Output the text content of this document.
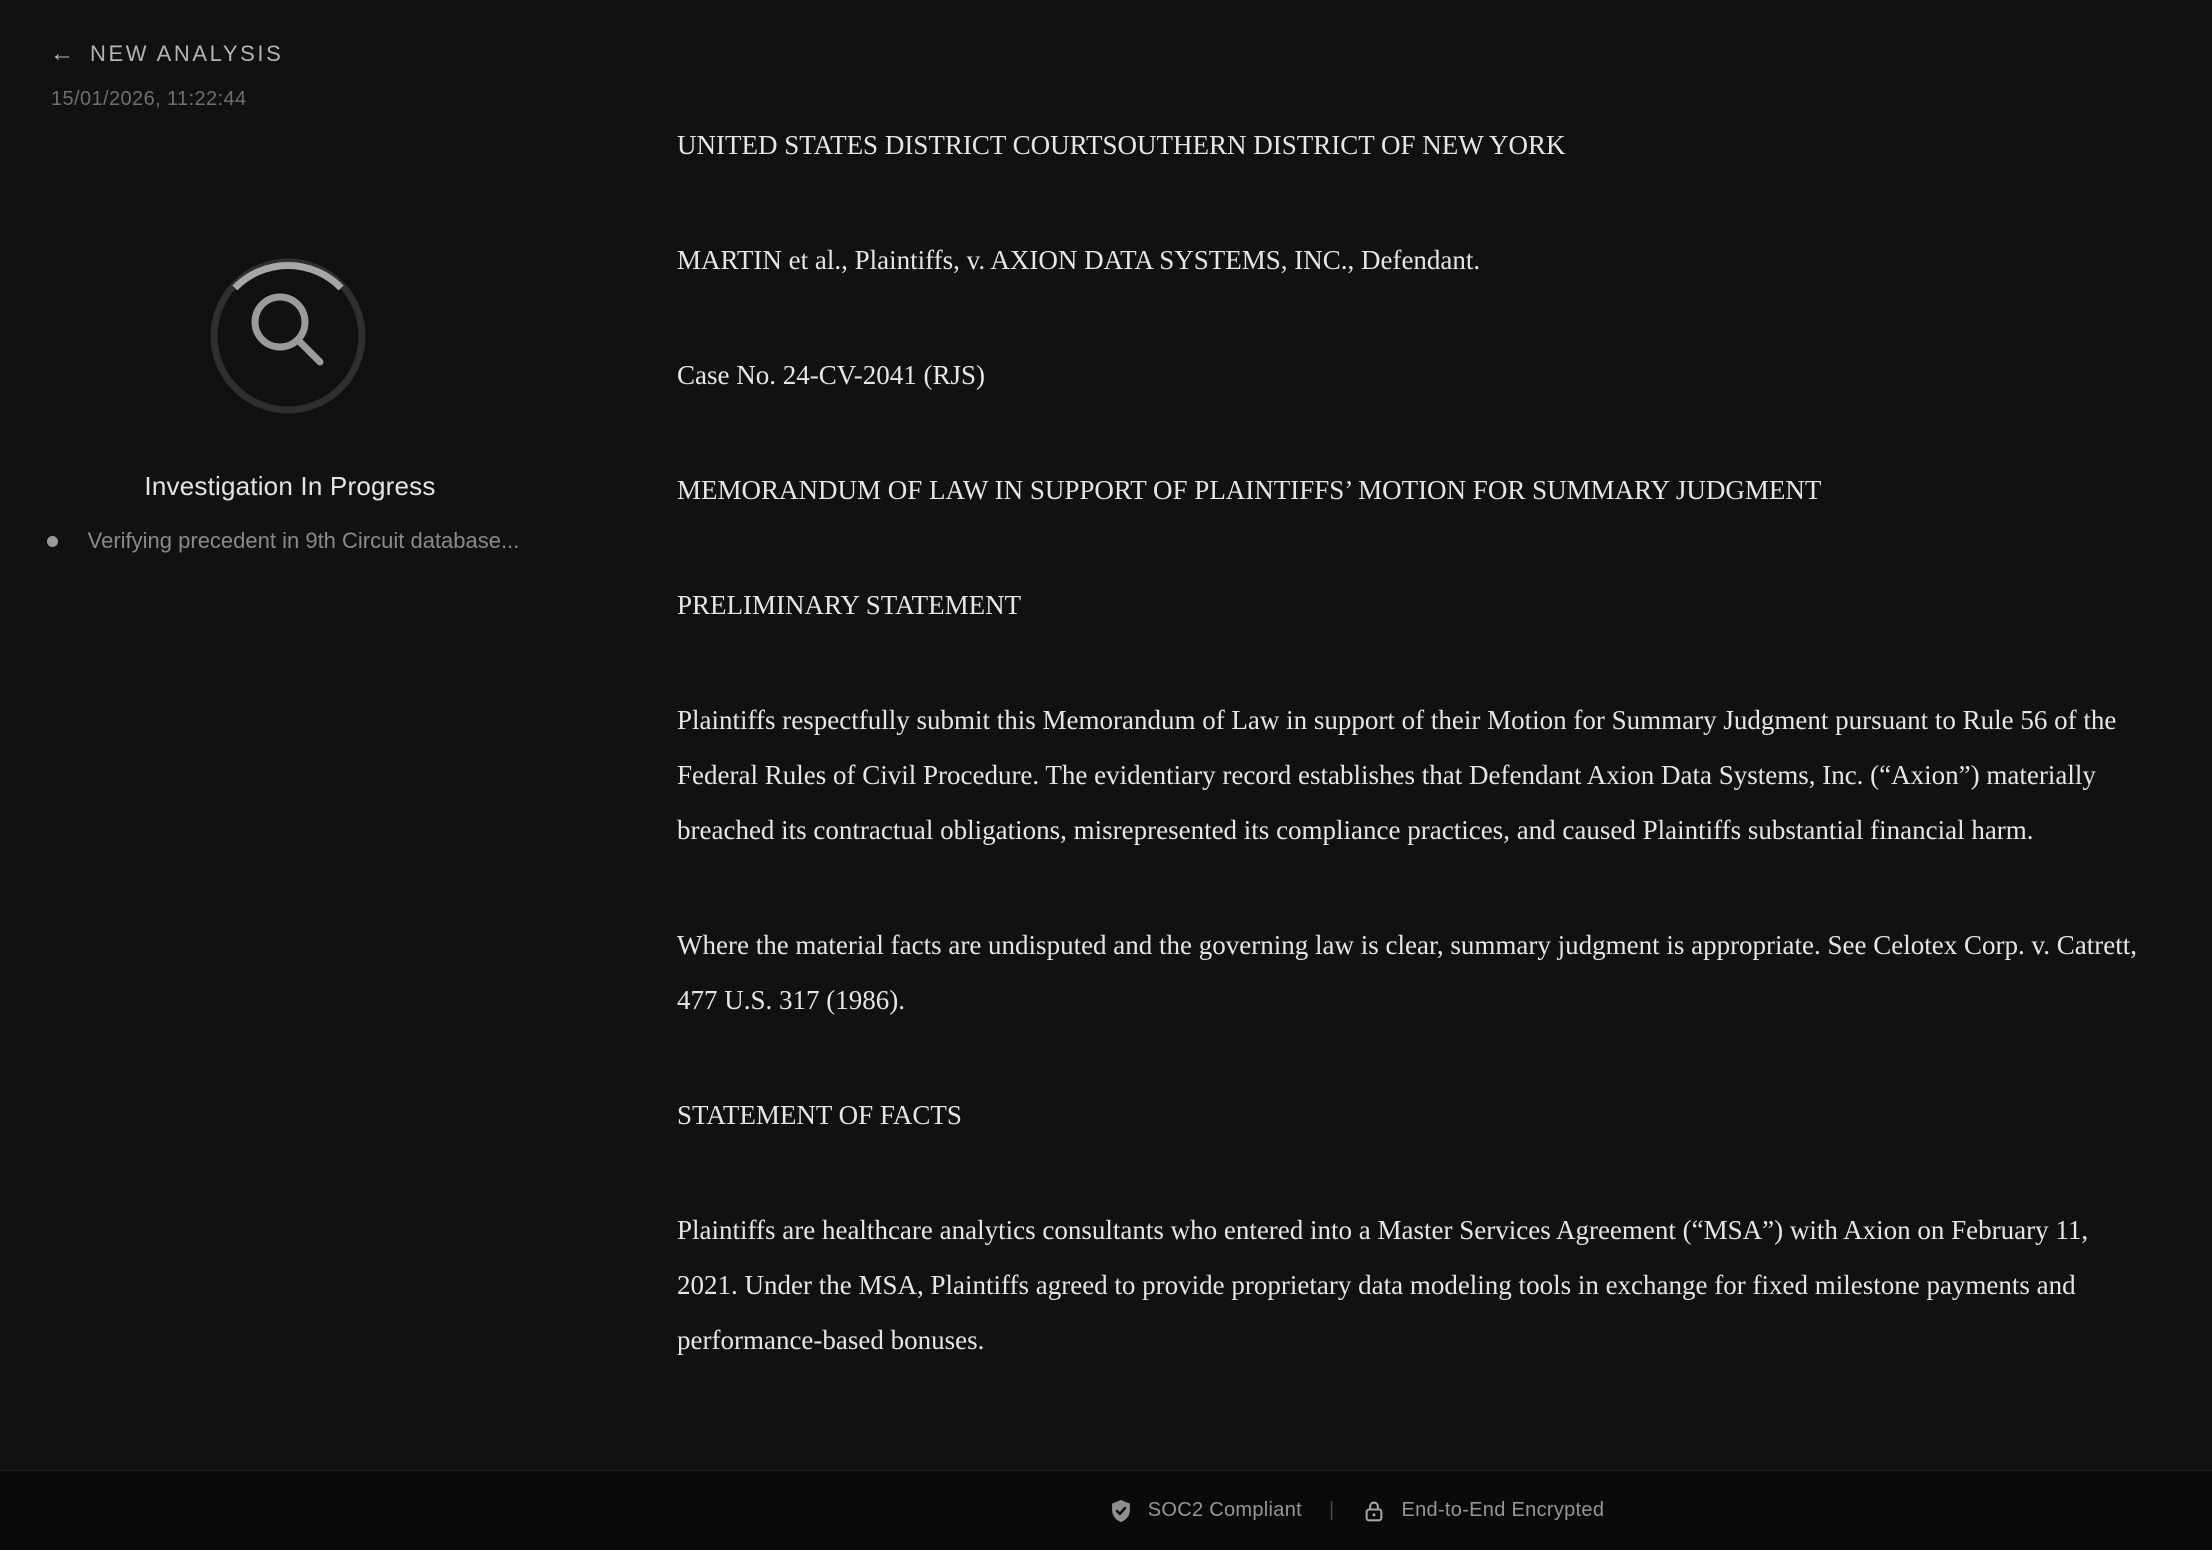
← NEW ANALYSIS
15/01/2026, 11:22:44
Investigation In Progress
Verifying precedent in 9th Circuit database...

UNITED STATES DISTRICT COURTSOUTHERN DISTRICT OF NEW YORK

MARTIN et al., Plaintiffs, v. AXION DATA SYSTEMS, INC., Defendant.

Case No. 24-CV-2041 (RJS)

MEMORANDUM OF LAW IN SUPPORT OF PLAINTIFFS’ MOTION FOR SUMMARY JUDGMENT

PRELIMINARY STATEMENT

Plaintiffs respectfully submit this Memorandum of Law in support of their Motion for Summary Judgment pursuant to Rule 56 of the Federal Rules of Civil Procedure. The evidentiary record establishes that Defendant Axion Data Systems, Inc. (“Axion”) materially breached its contractual obligations, misrepresented its compliance practices, and caused Plaintiffs substantial financial harm.

Where the material facts are undisputed and the governing law is clear, summary judgment is appropriate. See Celotex Corp. v. Catrett, 477 U.S. 317 (1986).

STATEMENT OF FACTS

Plaintiffs are healthcare analytics consultants who entered into a Master Services Agreement (“MSA”) with Axion on February 11, 2021. Under the MSA, Plaintiffs agreed to provide proprietary data modeling tools in exchange for fixed milestone payments and performance-based bonuses.

SOC2 Compliant |	End-to-End Encrypted
